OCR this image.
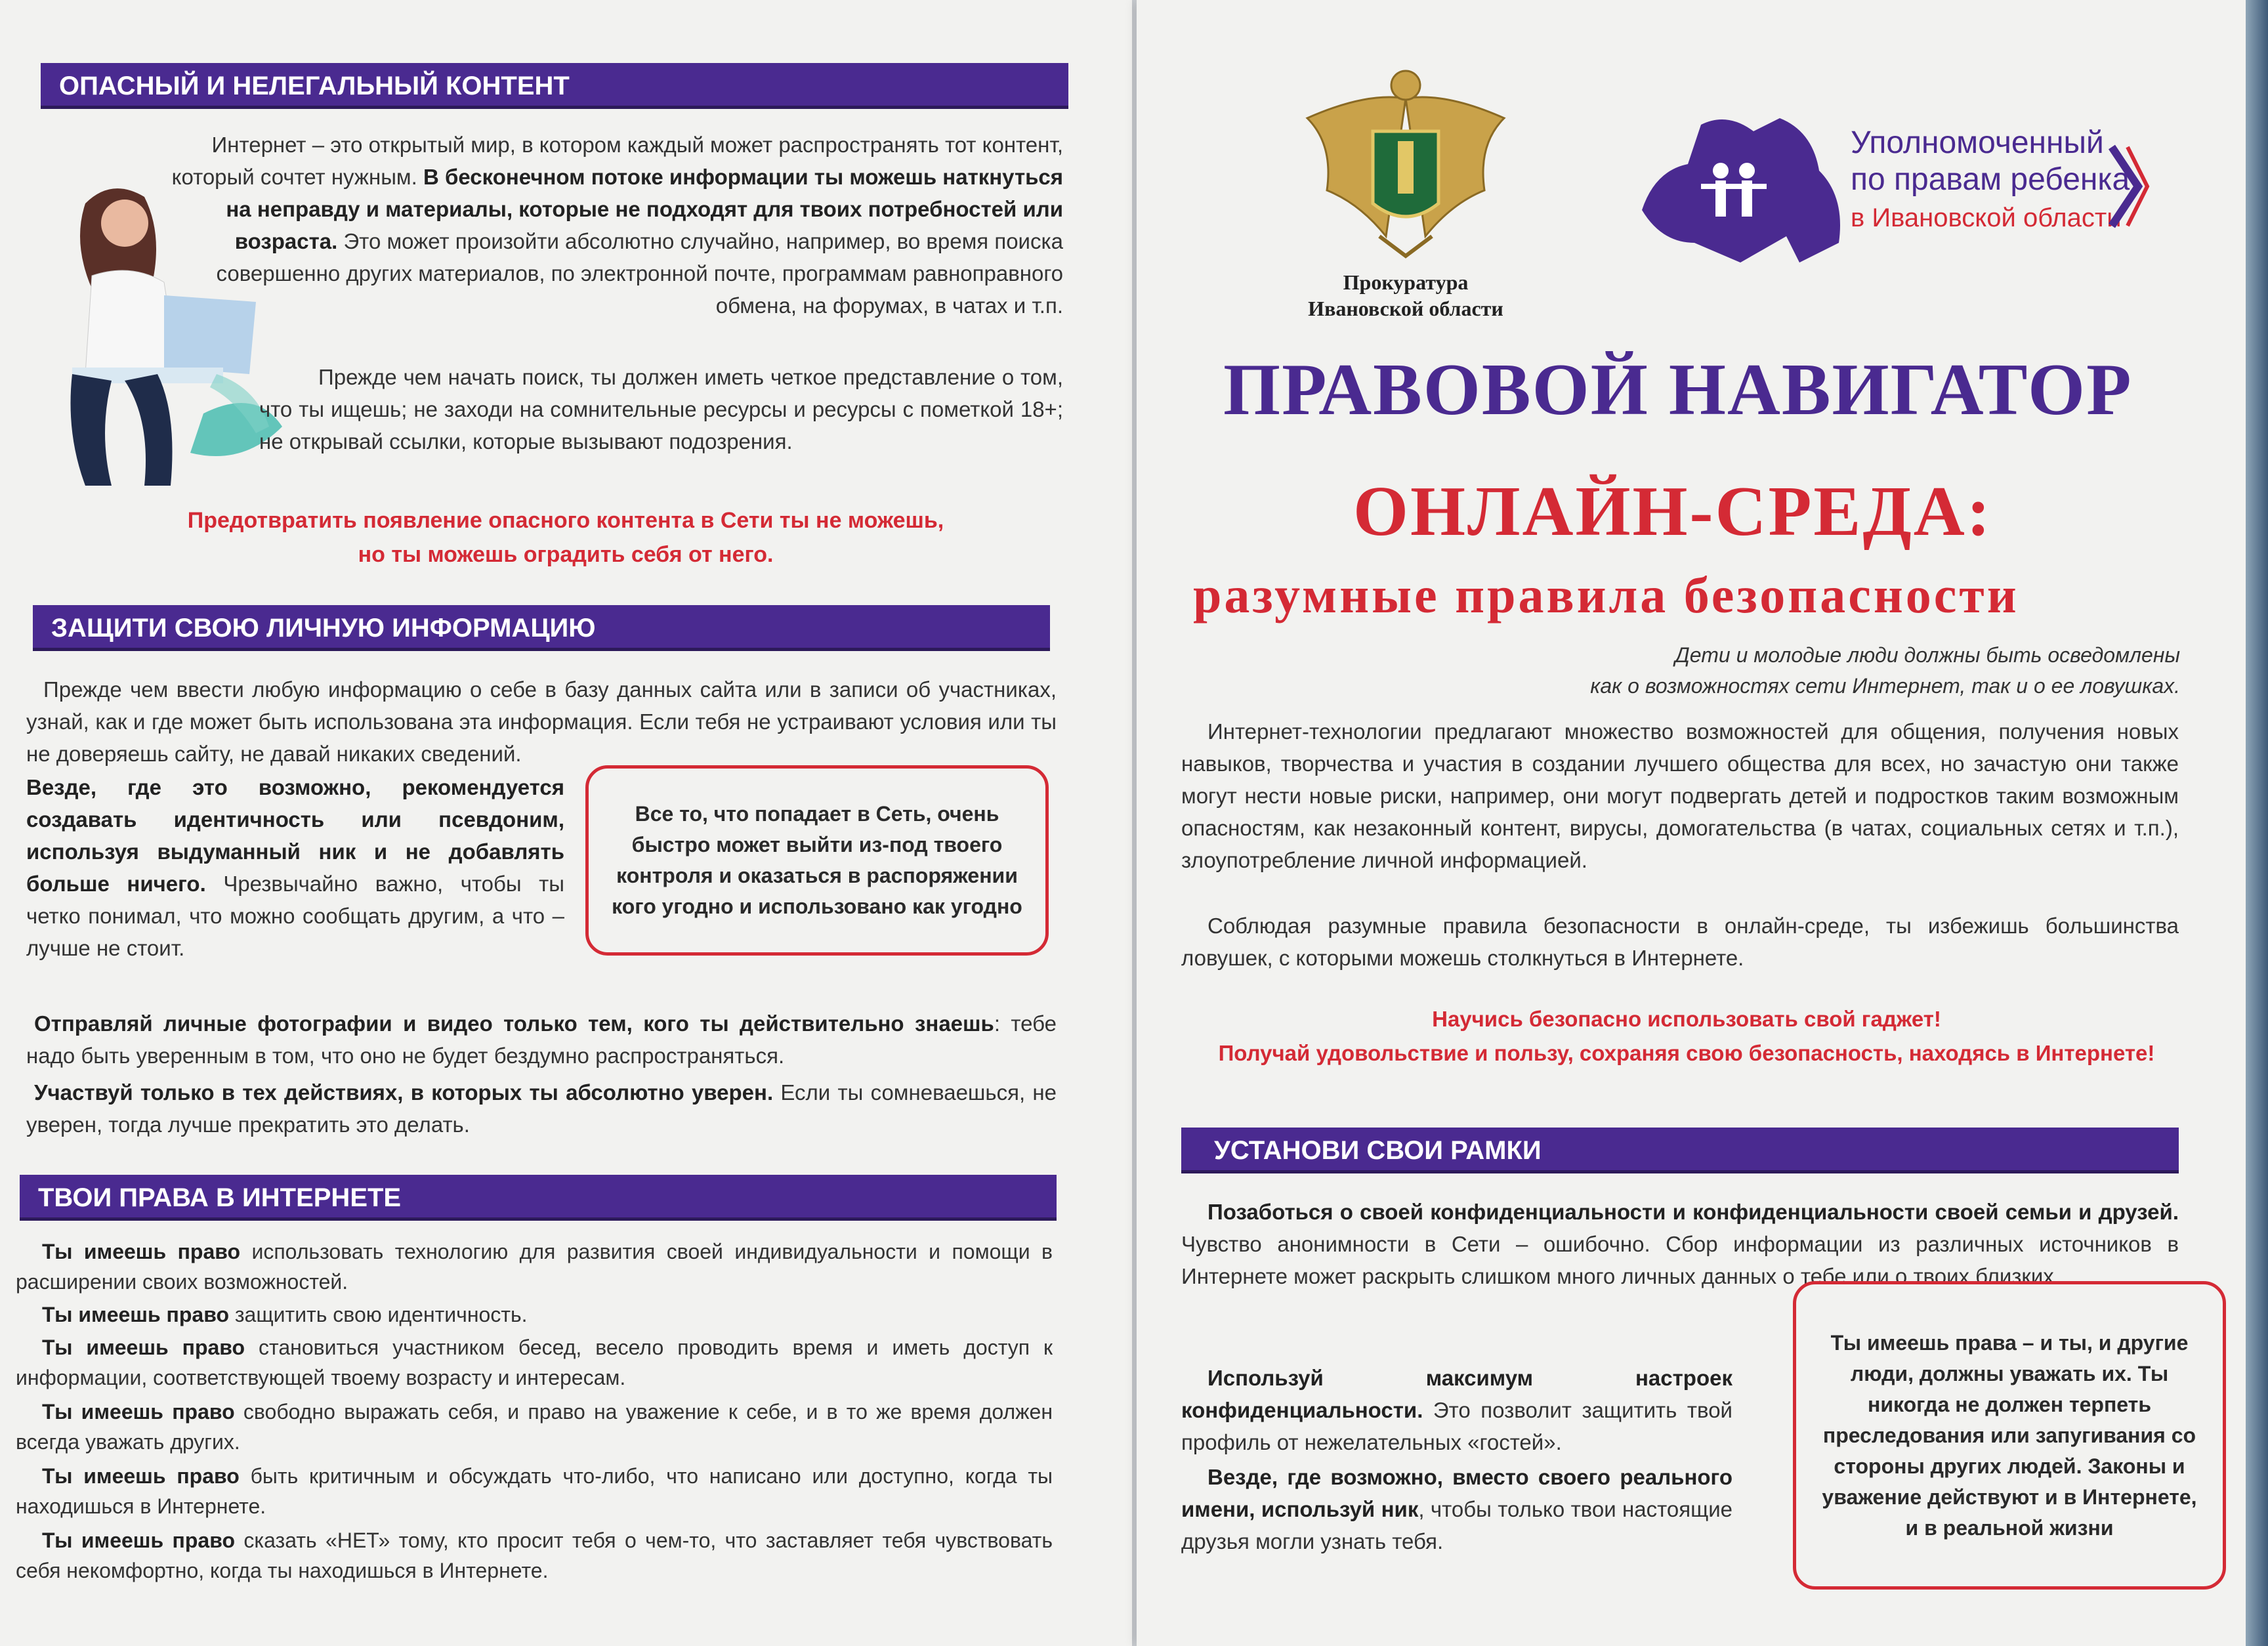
ОПАСНЫЙ И НЕЛЕГАЛЬНЫЙ КОНТЕНТ
Интернет – это открытый мир, в котором каждый может распространять тот контент, который сочтет нужным. В бесконечном потоке информации ты можешь наткнуться на неправду и материалы, которые не подходят для твоих потребностей или возраста. Это может произойти абсолютно случайно, например, во время поиска совершенно других материалов, по электронной почте, программам равноправного обмена, на форумах, в чатах и т.п.
Прежде чем начать поиск, ты должен иметь четкое представление о том, что ты ищешь; не заходи на сомнительные ресурсы и ресурсы с пометкой 18+; не открывай ссылки, которые вызывают подозрения.
Предотвратить появление опасного контента в Сети ты не можешь,
но ты можешь оградить себя от него.
ЗАЩИТИ СВОЮ ЛИЧНУЮ ИНФОРМАЦИЮ
Прежде чем ввести любую информацию о себе в базу данных сайта или в записи об участниках, узнай, как и где может быть использована эта информация. Если тебя не устраивают условия или ты не доверяешь сайту, не давай никаких сведений.
Везде, где это возможно, рекомендуется создавать идентичность или псевдоним, используя выдуманный ник и не добавлять больше ничего. Чрезвычайно важно, чтобы ты четко понимал, что можно сообщать другим, а что – лучше не стоит.
Все то, что попадает в Сеть, очень быстро может выйти из-под твоего контроля и оказаться в распоряжении кого угодно и использовано как угодно
Отправляй личные фотографии и видео только тем, кого ты действительно знаешь: тебе надо быть уверенным в том, что оно не будет бездумно распространяться.
Участвуй только в тех действиях, в которых ты абсолютно уверен. Если ты сомневаешься, не уверен, тогда лучше прекратить это делать.
ТВОИ ПРАВА В ИНТЕРНЕТЕ
Ты имеешь право использовать технологию для развития своей индивидуальности и помощи в расширении своих возможностей.
Ты имеешь право защитить свою идентичность.
Ты имеешь право становиться участником бесед, весело проводить время и иметь доступ к информации, соответствующей твоему возрасту и интересам.
Ты имеешь право свободно выражать себя, и право на уважение к себе, и в то же время должен всегда уважать других.
Ты имеешь право быть критичным и обсуждать что-либо, что написано или доступно, когда ты находишься в Интернете.
Ты имеешь право сказать «НЕТ» тому, кто просит тебя о чем-то, что заставляет тебя чувствовать себя некомфортно, когда ты находишься в Интернете.
Прокуратура
Ивановской области
Уполномоченный
по правам ребенка
в Ивановской области
ПРАВОВОЙ НАВИГАТОР
ОНЛАЙН-СРЕДА:
разумные правила безопасности
Дети и молодые люди должны быть осведомлены
как о возможностях сети Интернет, так и о ее ловушках.
Интернет-технологии предлагают множество возможностей для общения, получения новых навыков, творчества и участия в создании лучшего общества для всех, но зачастую они также могут нести новые риски, например, они могут подвергать детей и подростков таким возможным опасностям, как незаконный контент, вирусы, домогательства (в чатах, социальных сетях и т.п.), злоупотребление личной информацией.
Соблюдая разумные правила безопасности в онлайн-среде, ты избежишь большинства ловушек, с которыми можешь столкнуться в Интернете.
Научись безопасно использовать свой гаджет!
Получай удовольствие и пользу, сохраняя свою безопасность, находясь в Интернете!
УСТАНОВИ СВОИ РАМКИ
Позаботься о своей конфиденциальности и конфиденциальности своей семьи и друзей. Чувство анонимности в Сети – ошибочно. Сбор информации из различных источников в Интернете может раскрыть слишком много личных данных о тебе или о твоих близких.
Используй максимум настроек конфиденциальности. Это позволит защитить твой профиль от нежелательных «гостей».
Везде, где возможно, вместо своего реального имени, используй ник, чтобы только твои настоящие друзья могли узнать тебя.
Ты имеешь права – и ты, и другие люди, должны уважать их. Ты никогда не должен терпеть преследования или запугивания со стороны других людей. Законы и уважение действуют и в Интернете, и в реальной жизни
